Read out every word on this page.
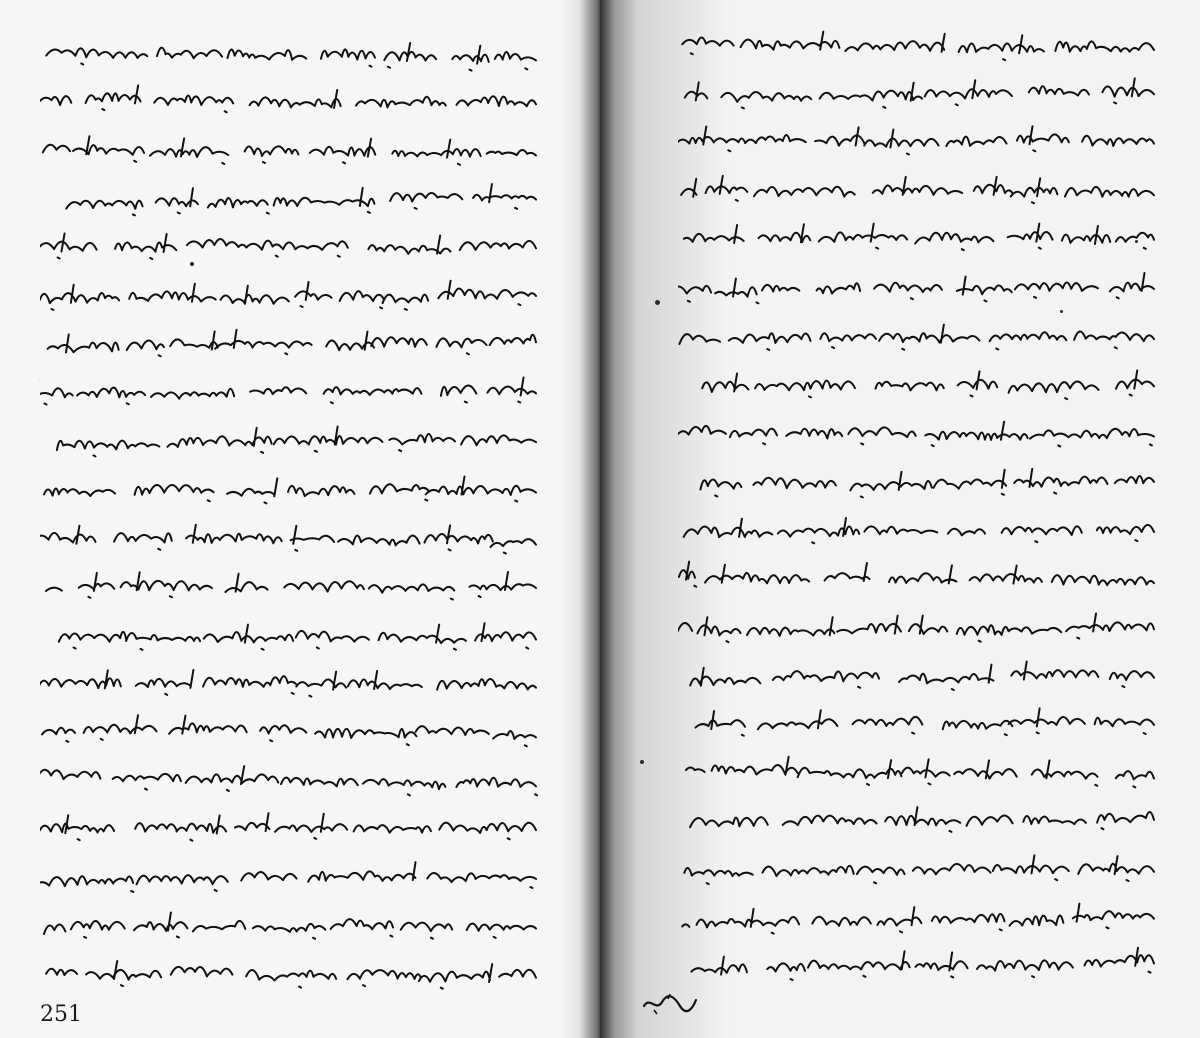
251
